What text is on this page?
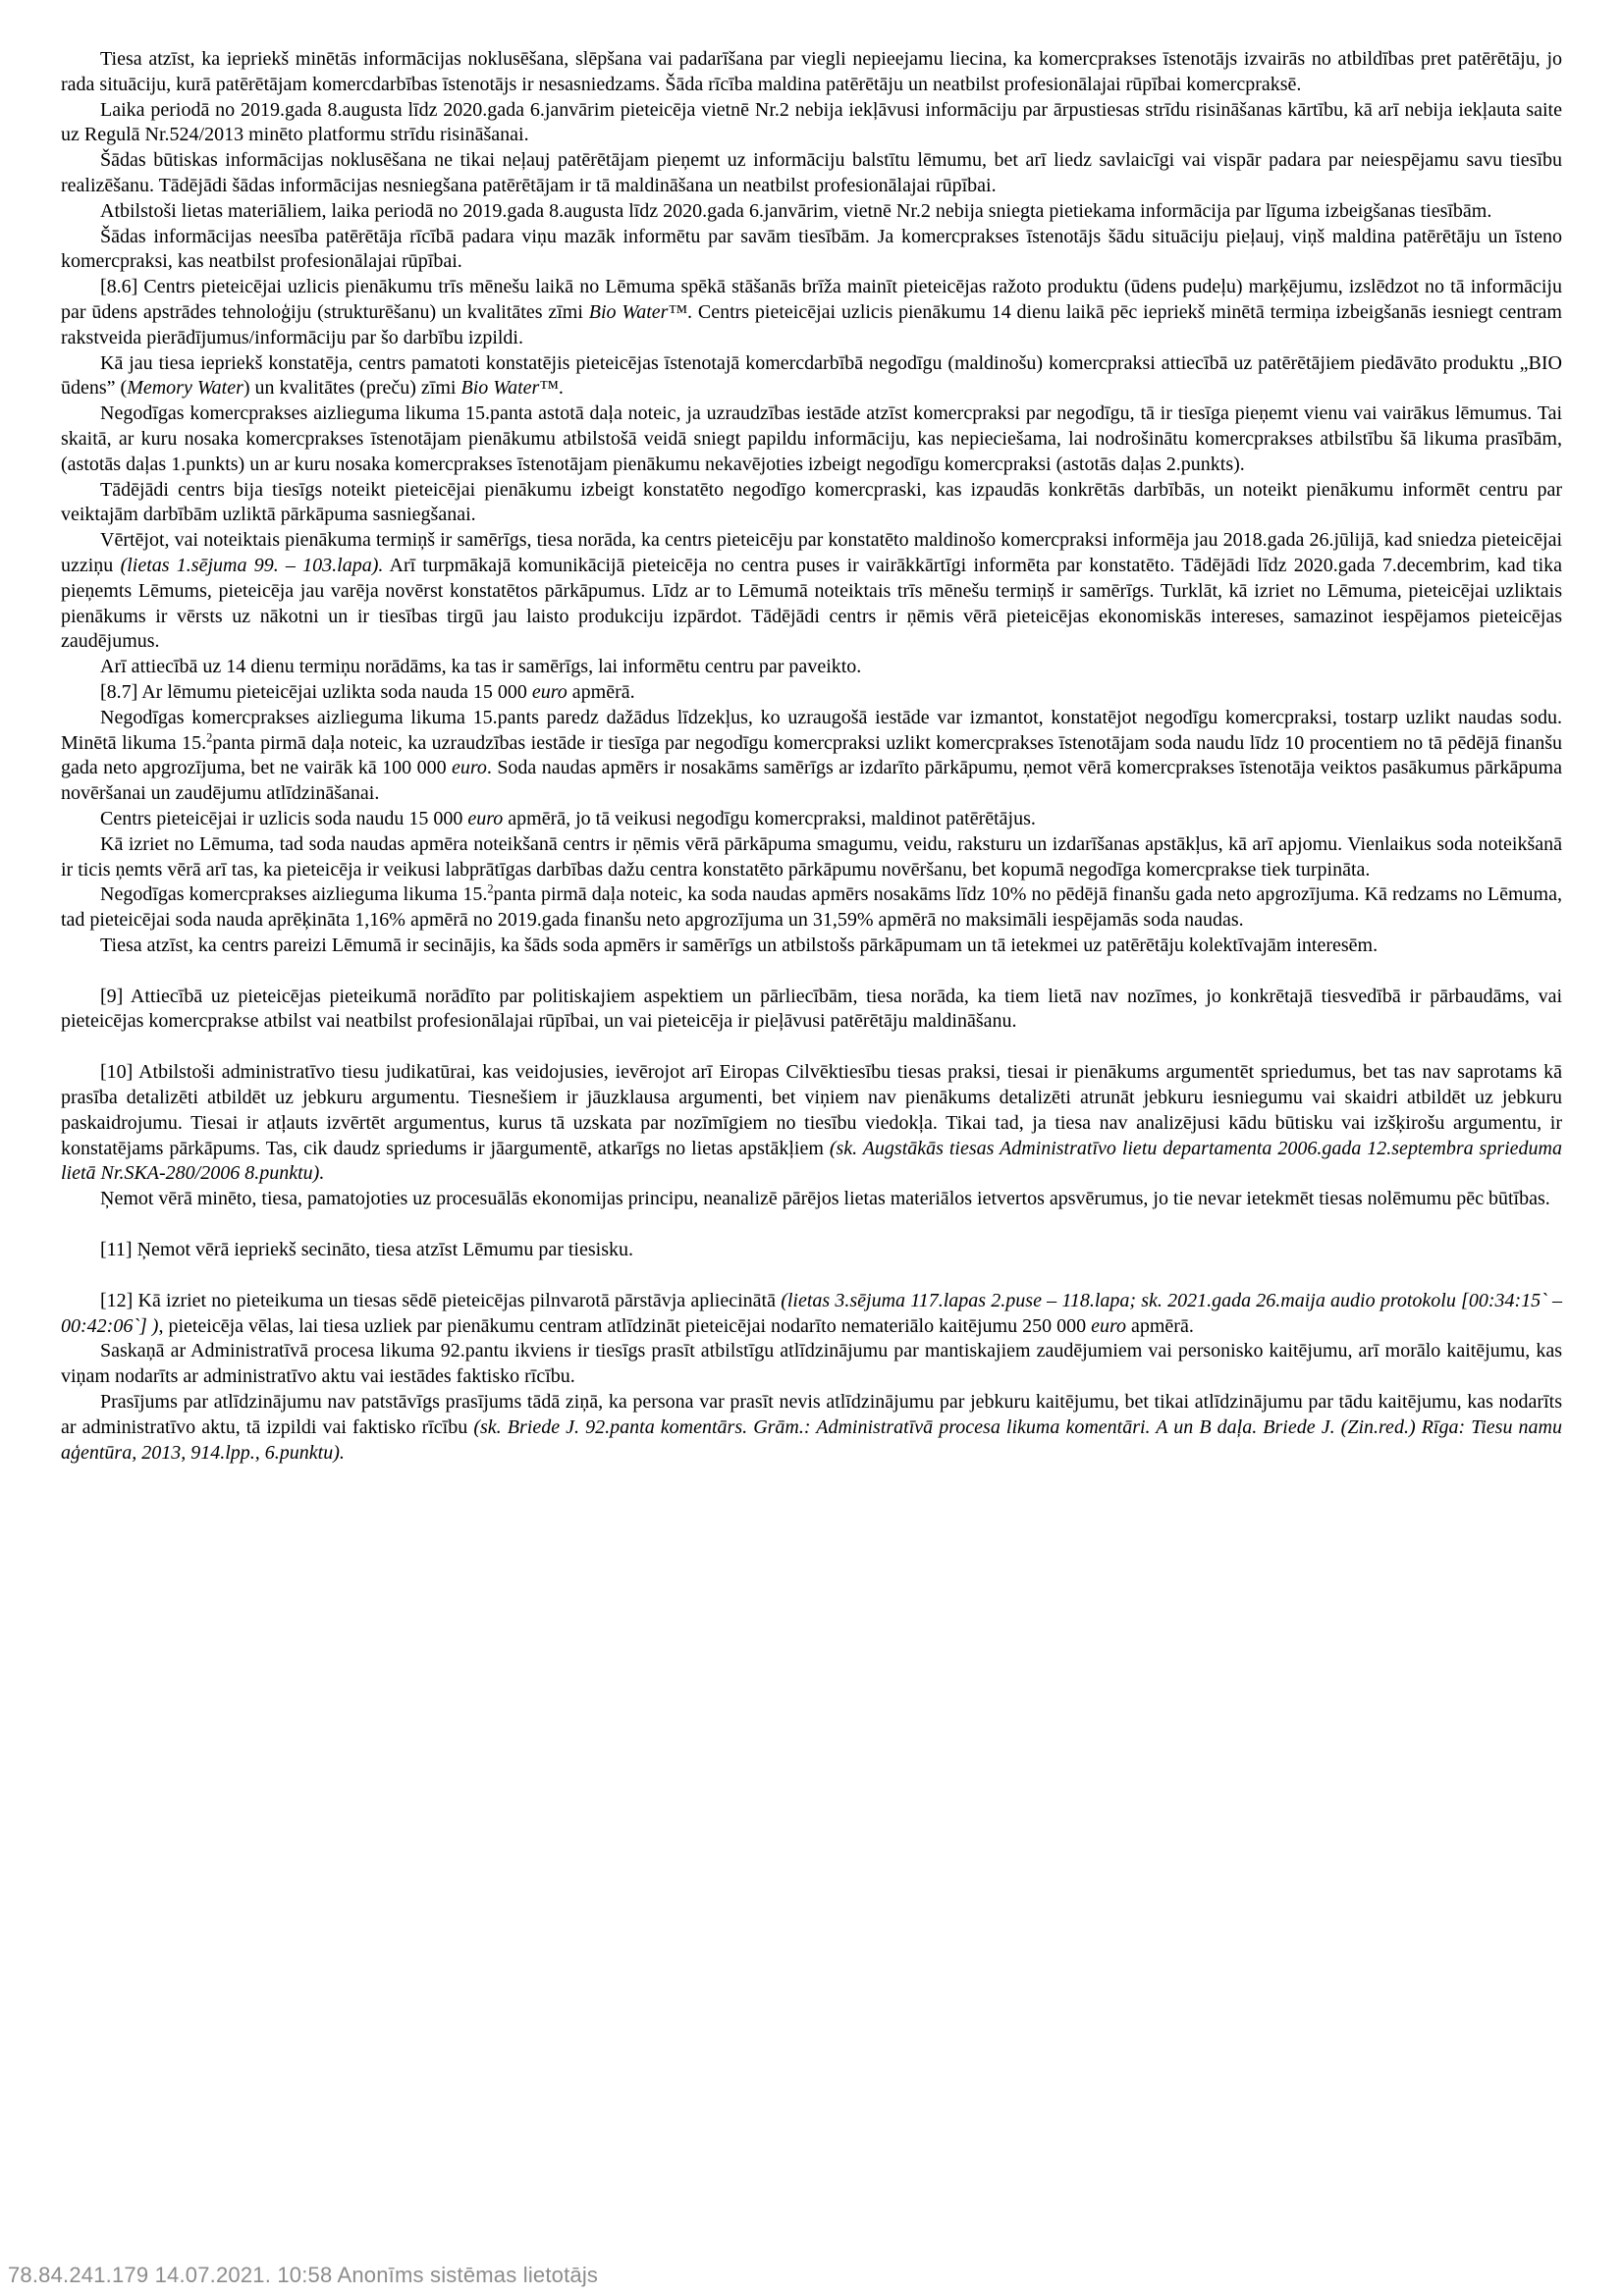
Tiesa atzīst, ka iepriekš minētās informācijas noklusēšana, slēpšana vai padarīšana par viegli nepieejamu liecina, ka komercprakses īstenotājs izvairās no atbildības pret patērētāju, jo rada situāciju, kurā patērētājam komercdarbības īstenotājs ir nesasniedzams. Šāda rīcība maldina patērētāju un neatbilst profesionālajai rūpībai komercpraksē.

Laika periodā no 2019.gada 8.augusta līdz 2020.gada 6.janvārim pieteicēja vietnē Nr.2 nebija iekļāvusi informāciju par ārpustiesas strīdu risināšanas kārtību, kā arī nebija iekļauta saite uz Regulā Nr.524/2013 minēto platformu strīdu risināšanai.

Šādas būtiskas informācijas noklusēšana ne tikai neļauj patērētājam pieņemt uz informāciju balstītu lēmumu, bet arī liedz savlaicīgi vai vispār padara par neiespējamu savu tiesību realizēšanu. Tādējādi šādas informācijas nesniegšana patērētājam ir tā maldināšana un neatbilst profesionālajai rūpībai.

Atbilstoši lietas materiāliem, laika periodā no 2019.gada 8.augusta līdz 2020.gada 6.janvārim, vietnē Nr.2 nebija sniegta pietiekama informācija par līguma izbeigšanas tiesībām.

Šādas informācijas neesība patērētāja rīcībā padara viņu mazāk informētu par savām tiesībām. Ja komercprakses īstenotājs šādu situāciju pieļauj, viņš maldina patērētāju un īsteno komercpraksi, kas neatbilst profesionālajai rūpībai.

[8.6] Centrs pieteicējai uzlicis pienākumu trīs mēnešu laikā no Lēmuma spēkā stāšanās brīža mainīt pieteicējas ražoto produktu (ūdens pudeļu) marķējumu, izslēdzot no tā informāciju par ūdens apstrādes tehnoloģiju (strukturēšanu) un kvalitātes zīmi Bio Water™. Centrs pieteicējai uzlicis pienākumu 14 dienu laikā pēc iepriekš minētā termiņa izbeigšanās iesniegt centram rakstveida pierādījumus/informāciju par šo darbību izpildi.

Kā jau tiesa iepriekš konstatēja, centrs pamatoti konstatējis pieteicējas īstenotajā komercdarbībā negodīgu (maldinošu) komercpraksi attiecībā uz patērētājiem piedāvāto produktu „BIO ūdens” (Memory Water) un kvalitātes (preču) zīmi Bio Water™.

Negodīgas komercprakses aizlieguma likuma 15.panta astotā daļa noteic, ja uzraudzības iestāde atzīst komercpraksi par negodīgu, tā ir tiesīga pieņemt vienu vai vairākus lēmumus. Tai skaitā, ar kuru nosaka komercprakses īstenotājam pienākumu atbilstošā veidā sniegt papildu informāciju, kas nepieciešama, lai nodrošinātu komercprakses atbilstību šā likuma prasībām, (astotās daļas 1.punkts) un ar kuru nosaka komercprakses īstenotājam pienākumu nekavējoties izbeigt negodīgu komercpraksi (astotās daļas 2.punkts).

Tādējādi centrs bija tiesīgs noteikt pieteicējai pienākumu izbeigt konstatēto negodīgo komercpraski, kas izpaudās konkrētās darbībās, un noteikt pienākumu informēt centru par veiktajām darbībām uzliktā pārkāpuma sasniegšanai.

Vērtējot, vai noteiktais pienākuma termiņš ir samērīgs, tiesa norāda, ka centrs pieteicēju par konstatēto maldinošo komercpraksi informēja jau 2018.gada 26.jūlijā, kad sniedza pieteicējai uzziņu (lietas 1.sējuma 99. – 103.lapa). Arī turpmākajā komunikācijā pieteicēja no centra puses ir vairākkārtīgi informēta par konstatēto. Tādējādi līdz 2020.gada 7.decembrim, kad tika pieņemts Lēmums, pieteicēja jau varēja novērst konstatētos pārkāpumus. Līdz ar to Lēmumā noteiktais trīs mēnešu termiņš ir samērīgs. Turklāt, kā izriet no Lēmuma, pieteicējai uzliktais pienākums ir vērsts uz nākotni un ir tiesības tirgū jau laisto produkciju izpārdot. Tādējādi centrs ir ņēmis vērā pieteicējas ekonomiskās intereses, samazinot iespējamos pieteicējas zaudējumus.

Arī attiecībā uz 14 dienu termiņu norādāms, ka tas ir samērīgs, lai informētu centru par paveikto.

[8.7] Ar lēmumu pieteicējai uzlikta soda nauda 15 000 euro apmērā.

Negodīgas komercprakses aizlieguma likuma 15.pants paredz dažādus līdzekļus, ko uzraugošā iestāde var izmantot, konstatējot negodīgu komercpraksi, tostarp uzlikt naudas sodu. Minētā likuma 15.$^2$panta pirmā daļa noteic, ka uzraudzības iestāde ir tiesīga par negodīgu komercpraksi uzlikt komercprakses īstenotājam soda naudu līdz 10 procentiem no tā pēdējā finanšu gada neto apgrozījuma, bet ne vairāk kā 100 000 euro. Soda naudas apmērs ir nosakāms samērīgs ar izdarīto pārkāpumu, ņemot vērā komercprakses īstenotāja veiktos pasākumus pārkāpuma novēršanai un zaudējumu atlīdzināšanai.

Centrs pieteicējai ir uzlicis soda naudu 15 000 euro apmērā, jo tā veikusi negodīgu komercpraksi, maldinot patērētājus.

Kā izriet no Lēmuma, tad soda naudas apmēra noteikšanā centrs ir ņēmis vērā pārkāpuma smagumu, veidu, raksturu un izdarīšanas apstākļus, kā arī apjomu. Vienlaikus soda noteikšanā ir ticis ņemts vērā arī tas, ka pieteicēja ir veikusi labprātīgas darbības dažu centra konstatēto pārkāpumu novēršanu, bet kopumā negodīga komercprakse tiek turpināta.

Negodīgas komercprakses aizlieguma likuma 15.$^2$panta pirmā daļa noteic, ka soda naudas apmērs nosakāms līdz 10% no pēdējā finanšu gada neto apgrozījuma. Kā redzams no Lēmuma, tad pieteicējai soda nauda aprēķināta 1,16% apmērā no 2019.gada finanšu neto apgrozījuma un 31,59% apmērā no maksimāli iespējamās soda naudas.

Tiesa atzīst, ka centrs pareizi Lēmumā ir secinājis, ka šāds soda apmērs ir samērīgs un atbilstošs pārkāpumam un tā ietekmei uz patērētāju kolektīvajām interesēm.

[9] Attiecībā uz pieteicējas pieteikumā norādīto par politiskajiem aspektiem un pārliecībām, tiesa norāda, ka tiem lietā nav nozīmes, jo konkrētajā tiesvedībā ir pārbaudāms, vai pieteicējas komercprakse atbilst vai neatbilst profesionālajai rūpībai, un vai pieteicēja ir pieļāvusi patērētāju maldināšanu.

[10] Atbilstoši administratīvo tiesu judikatūrai, kas veidojusies, ievērojot arī Eiropas Cilvēktiesību tiesas praksi, tiesai ir pienākums argumentēt spriedumus, bet tas nav saprotams kā prasība detalizēti atbildēt uz jebkuru argumentu. Tiesnešiem ir jāuzklausa argumenti, bet viņiem nav pienākums detalizēti atrunāt jebkuru iesniegumu vai skaidri atbildēt uz jebkuru paskaidrojumu. Tiesai ir atļauts izvērtēt argumentus, kurus tā uzskata par nozīmīgiem no tiesību viedokļa. Tikai tad, ja tiesa nav analizējusi kādu būtisku vai izšķirošu argumentu, ir konstatējams pārkāpums. Tas, cik daudz spriedums ir jāargumentē, atkarīgs no lietas apstākļiem (sk. Augstākās tiesas Administratīvo lietu departamenta 2006.gada 12.septembra sprieduma lietā Nr.SKA-280/2006 8.punktu).

Ņemot vērā minēto, tiesa, pamatojoties uz procesuālās ekonomijas principu, neanalizē pārējos lietas materiālos ietvertos apsvērumus, jo tie nevar ietekmēt tiesas nolēmumu pēc būtības.

[11] Ņemot vērā iepriekš secināto, tiesa atzīst Lēmumu par tiesisku.

[12] Kā izriet no pieteikuma un tiesas sēdē pieteicējas pilnvarotā pārstāvja apliecinātā (lietas 3.sējuma 117.lapas 2.puse – 118.lapa; sk. 2021.gada 26.maija audio protokolu [00:34:15` – 00:42:06`] ), pieteicēja vēlas, lai tiesa uzliek par pienākumu centram atlīdzināt pieteicējai nodarīto nemateriālo kaitējumu 250 000 euro apmērā.

Saskaņā ar Administratīvā procesa likuma 92.pantu ikviens ir tiesīgs prasīt atbilstīgu atlīdzinājumu par mantiskajiem zaudējumiem vai personisko kaitējumu, arī morālo kaitējumu, kas viņam nodarīts ar administratīvo aktu vai iestādes faktisko rīcību.

Prasījums par atlīdzinājumu nav patstāvīgs prasījums tādā ziņā, ka persona var prasīt nevis atlīdzinājumu par jebkuru kaitējumu, bet tikai atlīdzinājumu par tādu kaitējumu, kas nodarīts ar administratīvo aktu, tā izpildi vai faktisko rīcību (sk. Briede J. 92.panta komentārs. Grām.: Administratīvā procesa likuma komentāri. A un B daļa. Briede J. (Zin.red.) Rīga: Tiesu namu aģentūra, 2013, 914.lpp., 6.punktu).

78.84.241.179 14.07.2021. 10:58 Anonīms sistēmas lietotājs
